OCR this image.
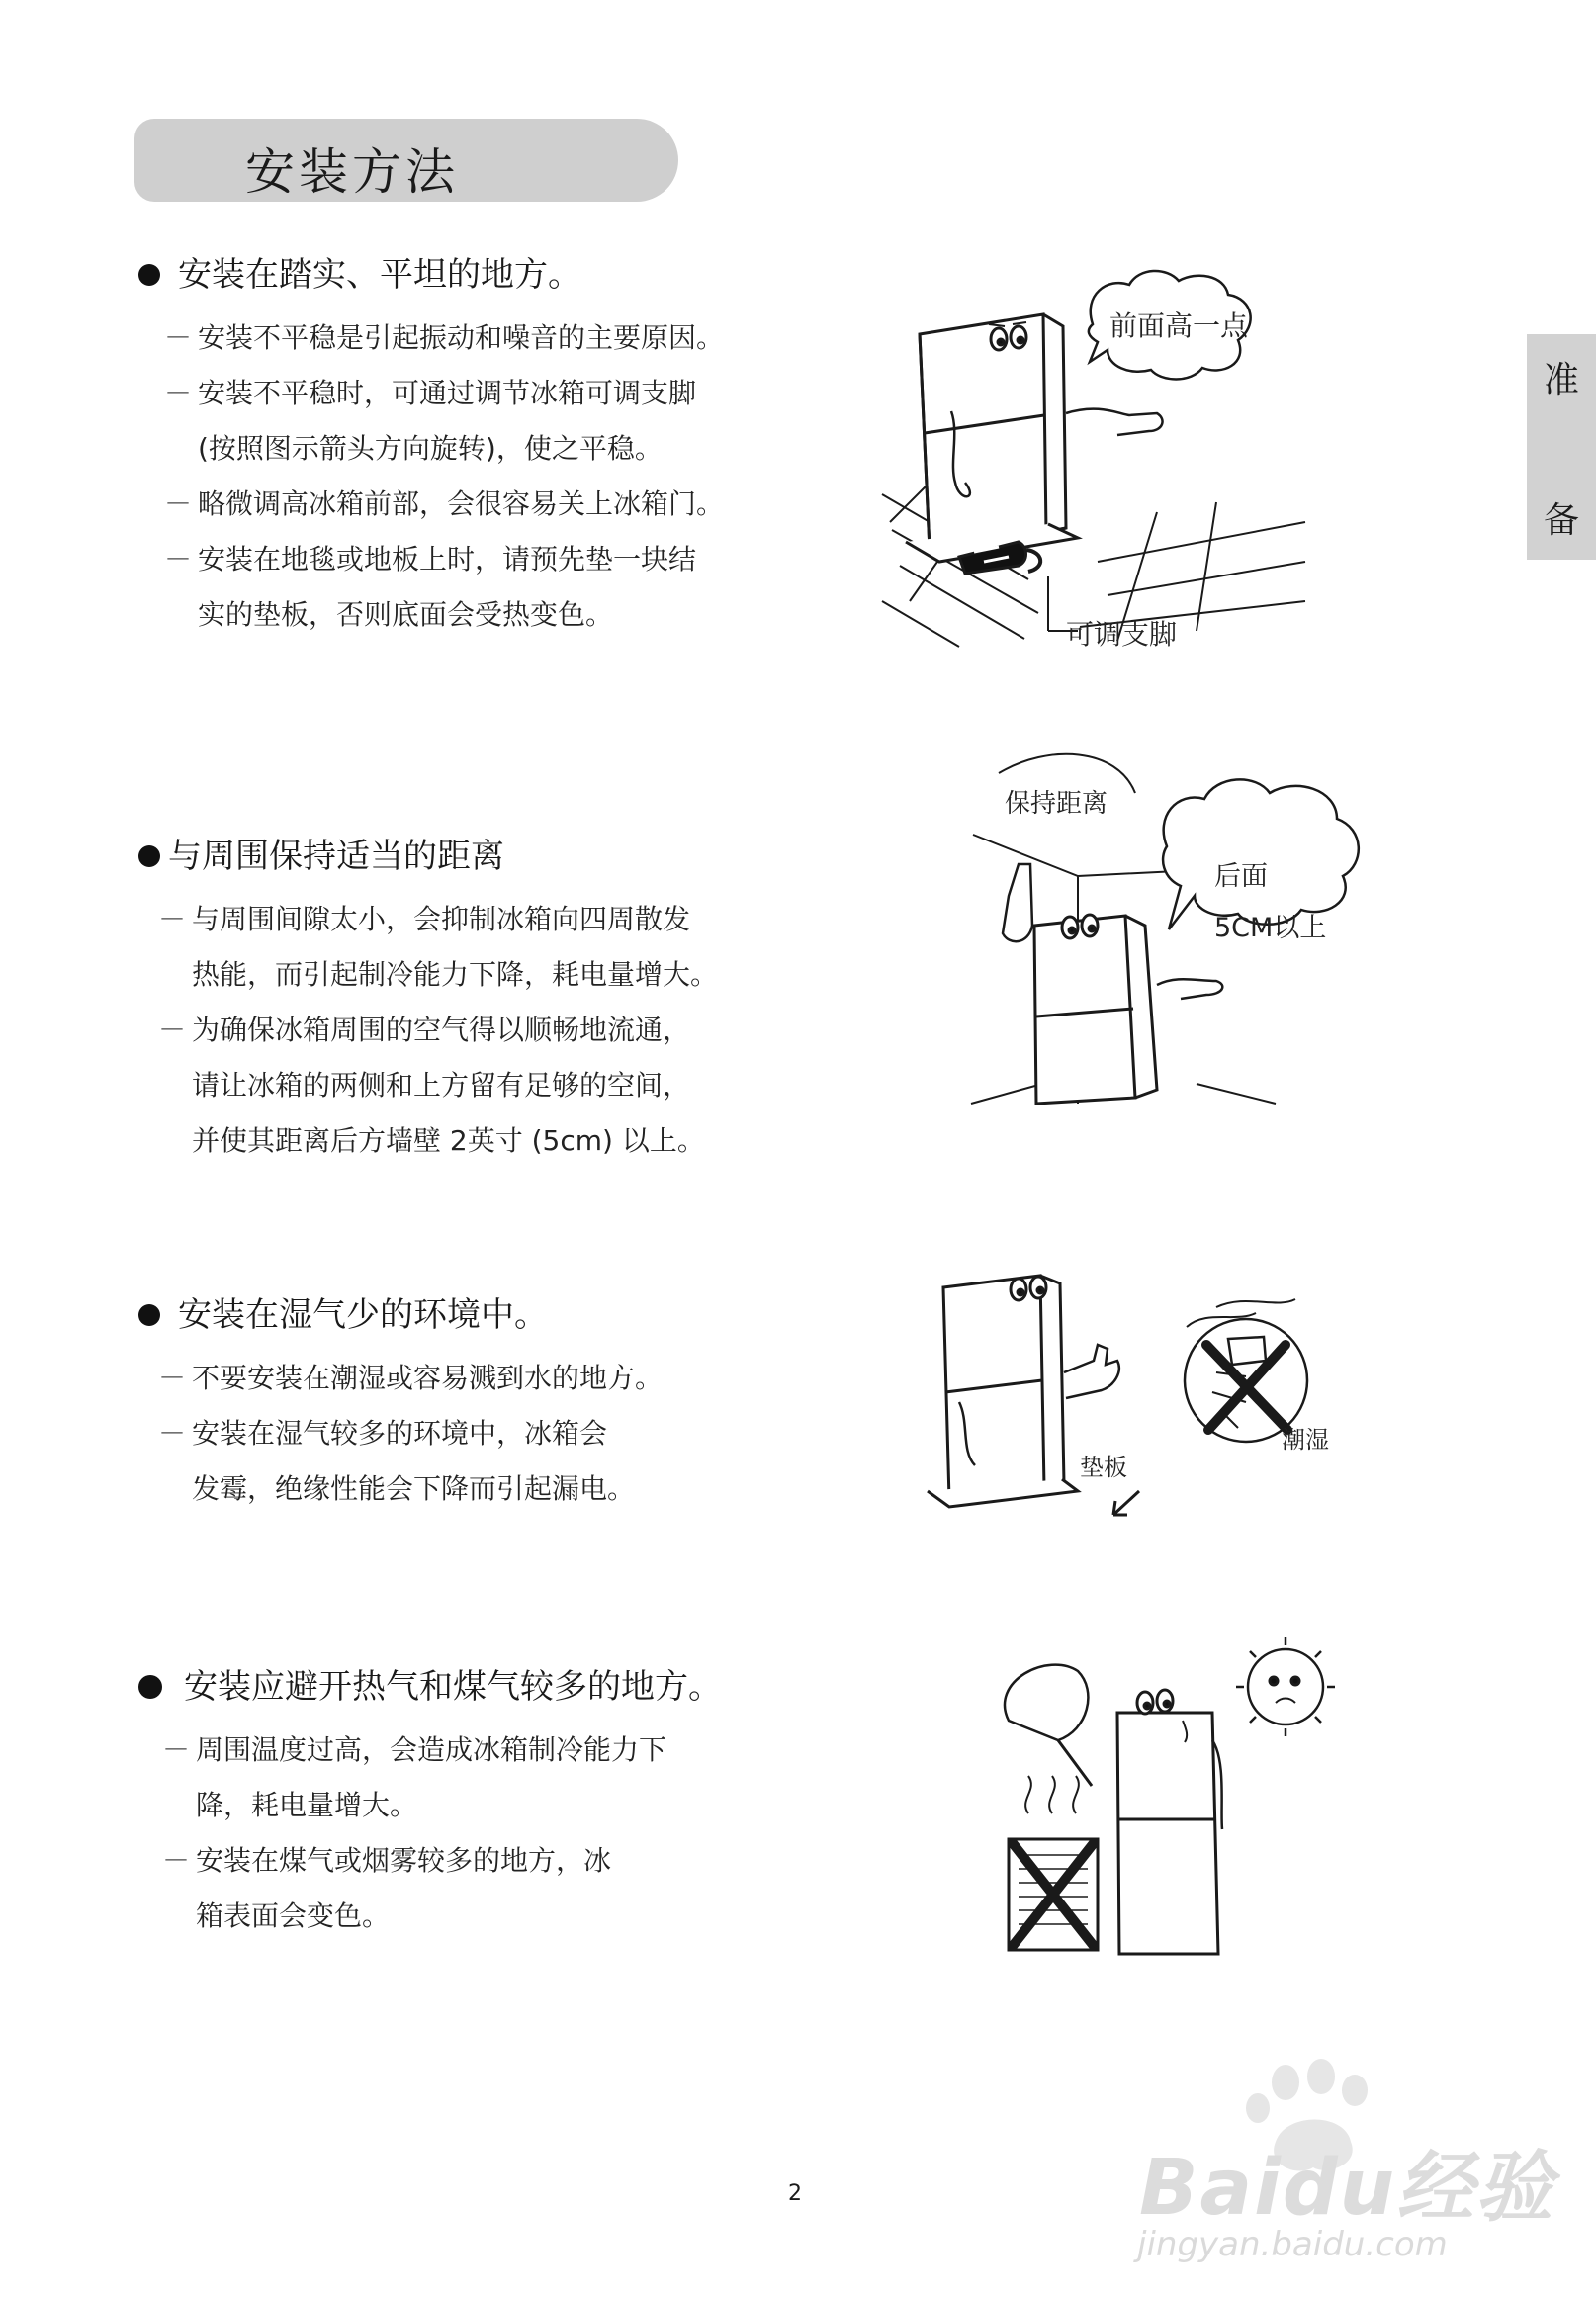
安装方法
准
备
安装在踏实、平坦的地方。
－ 安装不平稳是引起振动和噪音的主要原因。
－ 安装不平稳时，可通过调节冰箱可调支脚
(按照图示箭头方向旋转)，使之平稳。
－ 略微调高冰箱前部，会很容易关上冰箱门。
－ 安装在地毯或地板上时，请预先垫一块结
实的垫板，否则底面会受热变色。
前面高一点
可调支脚
与周围保持适当的距离
－ 与周围间隙太小，会抑制冰箱向四周散发
热能，而引起制冷能力下降，耗电量增大。
－ 为确保冰箱周围的空气得以顺畅地流通，
请让冰箱的两侧和上方留有足够的空间，
并使其距离后方墙壁 2英寸 (5cm) 以上。
保持距离
后面
5CM以上
安装在湿气少的环境中。
－ 不要安装在潮湿或容易溅到水的地方。
－ 安装在湿气较多的环境中，冰箱会
发霉，绝缘性能会下降而引起漏电。
垫板
潮湿
安装应避开热气和煤气较多的地方。
－ 周围温度过高，会造成冰箱制冷能力下
降，耗电量增大。
－ 安装在煤气或烟雾较多的地方，冰
箱表面会变色。
2	Baidu经验
jingyan.baidu.com
